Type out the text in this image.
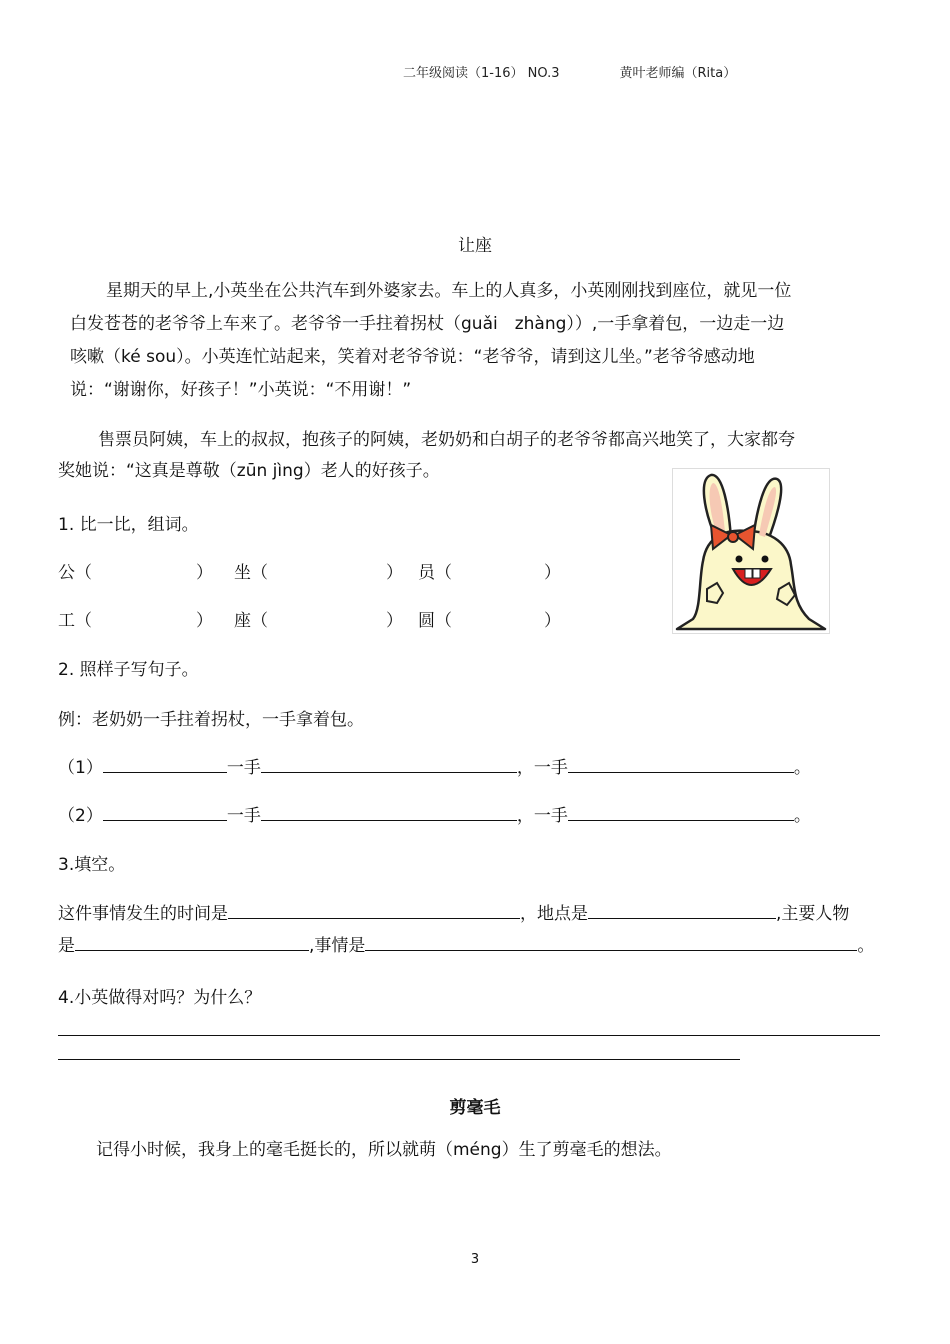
二年级阅读（1-16） NO.3	黄叶老师编（Rita）
让座
星期天的早上,小英坐在公共汽车到外婆家去。车上的人真多，小英刚刚找到座位，就见一位
白发苍苍的老爷爷上车来了。老爷爷一手拄着拐杖（guǎi　zhàng））,一手拿着包，一边走一边
咳嗽（ké sou）。小英连忙站起来，笑着对老爷爷说：“老爷爷，请到这儿坐。”老爷爷感动地
说：“谢谢你，好孩子！”小英说：“不用谢！”
售票员阿姨，车上的叔叔，抱孩子的阿姨，老奶奶和白胡子的老爷爷都高兴地笑了，大家都夸
奖她说：“这真是尊敬（zūn jìng）老人的好孩子。
1. 比一比，组词。
公（	） 坐（	） 员（	）
工（	） 座（	） 圆（	）
2. 照样子写句子。
例：老奶奶一手拄着拐杖，一手拿着包。
（1）	一手	，一手	。
（2）	一手	，一手	。
3.填空。
这件事情发生的时间是	，地点是	,主要人物
是	,事情是	。
4.小英做得对吗？为什么？
剪毫毛
记得小时候，我身上的毫毛挺长的，所以就萌（méng）生了剪毫毛的想法。
3
